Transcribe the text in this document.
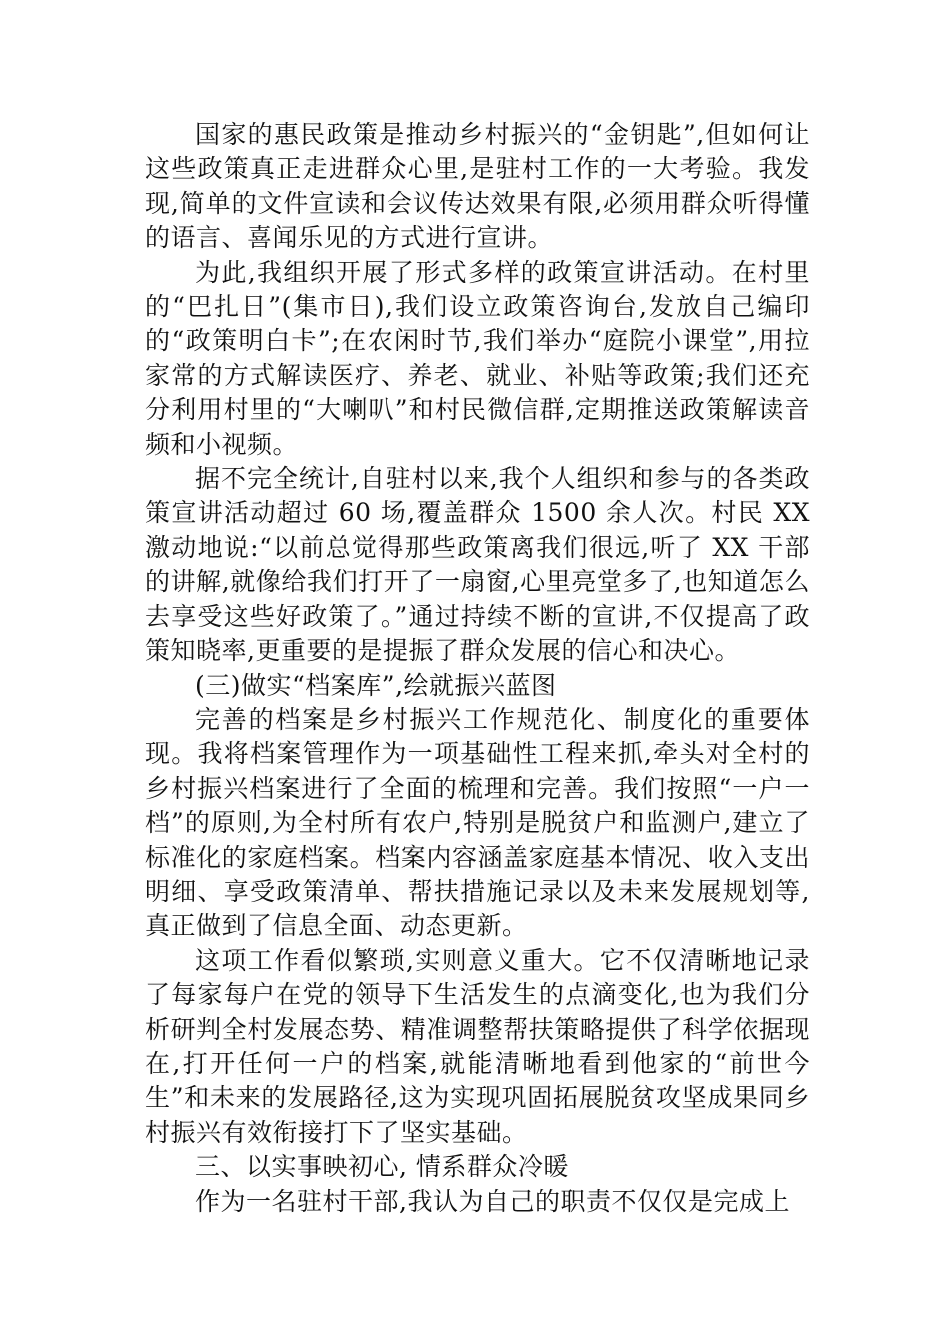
国家的惠民政策是推动乡村振兴的“金钥匙”,但如何让这些政策真正走进群众心里,是驻村工作的一大考验。我发现,简单的文件宣读和会议传达效果有限,必须用群众听得懂的语言、喜闻乐见的方式进行宣讲。

为此,我组织开展了形式多样的政策宣讲活动。在村里的“巴扎日”(集市日),我们设立政策咨询台,发放自己编印的“政策明白卡”;在农闲时节,我们举办“庭院小课堂”,用拉家常的方式解读医疗、养老、就业、补贴等政策;我们还充分利用村里的“大喇叭”和村民微信群,定期推送政策解读音频和小视频。

据不完全统计,自驻村以来,我个人组织和参与的各类政策宣讲活动超过 60 场,覆盖群众 1500 余人次。村民 XX 激动地说:“以前总觉得那些政策离我们很远,听了 XX 干部的讲解,就像给我们打开了一扇窗,心里亮堂多了,也知道怎么去享受这些好政策了。”通过持续不断的宣讲,不仅提高了政策知晓率,更重要的是提振了群众发展的信心和决心。

(三)做实“档案库”,绘就振兴蓝图

完善的档案是乡村振兴工作规范化、制度化的重要体现。我将档案管理作为一项基础性工程来抓,牵头对全村的乡村振兴档案进行了全面的梳理和完善。我们按照“一户一档”的原则,为全村所有农户,特别是脱贫户和监测户,建立了标准化的家庭档案。档案内容涵盖家庭基本情况、收入支出明细、享受政策清单、帮扶措施记录以及未来发展规划等,真正做到了信息全面、动态更新。

这项工作看似繁琐,实则意义重大。它不仅清晰地记录了每家每户在党的领导下生活发生的点滴变化,也为我们分析研判全村发展态势、精准调整帮扶策略提供了科学依据现在,打开任何一户的档案,就能清晰地看到他家的“前世今生”和未来的发展路径,这为实现巩固拓展脱贫攻坚成果同乡村振兴有效衔接打下了坚实基础。

三、以实事映初心, 情系群众冷暖

作为一名驻村干部,我认为自己的职责不仅仅是完成上
